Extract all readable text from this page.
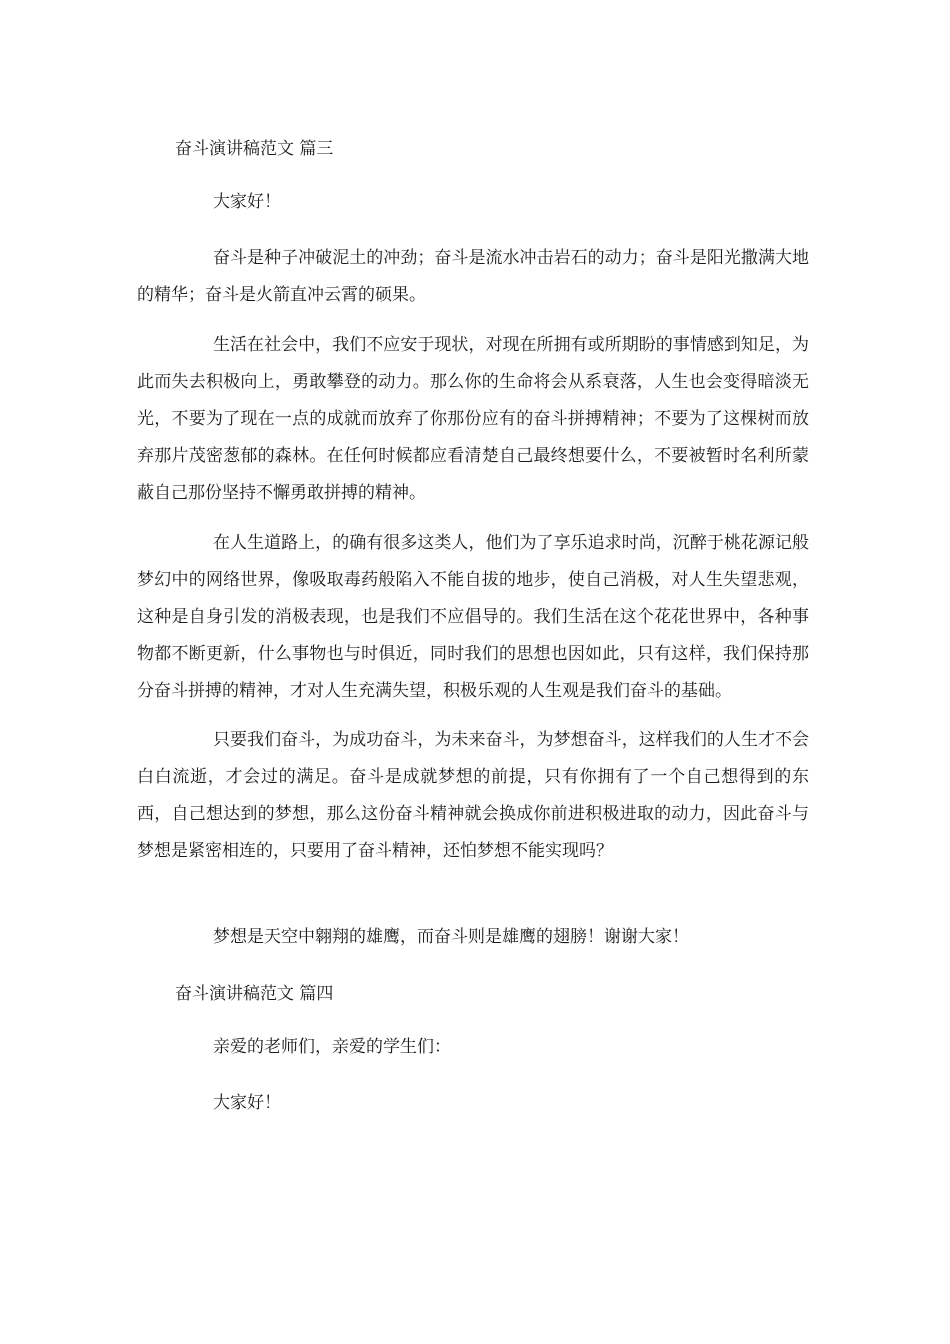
奋斗演讲稿范文 篇三

大家好！

奋斗是种子冲破泥土的冲劲；奋斗是流水冲击岩石的动力；奋斗是阳光撒满大地的精华；奋斗是火箭直冲云霄的硕果。

生活在社会中，我们不应安于现状，对现在所拥有或所期盼的事情感到知足，为此而失去积极向上，勇敢攀登的动力。那么你的生命将会从系衰落，人生也会变得暗淡无光，不要为了现在一点的成就而放弃了你那份应有的奋斗拼搏精神；不要为了这棵树而放弃那片茂密葱郁的森林。在任何时候都应看清楚自己最终想要什么，不要被暂时名利所蒙蔽自己那份坚持不懈勇敢拼搏的精神。

在人生道路上，的确有很多这类人，他们为了享乐追求时尚，沉醉于桃花源记般梦幻中的网络世界，像吸取毒药般陷入不能自拔的地步，使自己消极，对人生失望悲观，这种是自身引发的消极表现，也是我们不应倡导的。我们生活在这个花花世界中，各种事物都不断更新，什么事物也与时俱近，同时我们的思想也因如此，只有这样，我们保持那分奋斗拼搏的精神，才对人生充满失望，积极乐观的人生观是我们奋斗的基础。

只要我们奋斗，为成功奋斗，为未来奋斗，为梦想奋斗，这样我们的人生才不会白白流逝，才会过的满足。奋斗是成就梦想的前提，只有你拥有了一个自己想得到的东西，自己想达到的梦想，那么这份奋斗精神就会换成你前进积极进取的动力，因此奋斗与梦想是紧密相连的，只要用了奋斗精神，还怕梦想不能实现吗？

梦想是天空中翱翔的雄鹰，而奋斗则是雄鹰的翅膀！谢谢大家！

奋斗演讲稿范文 篇四

亲爱的老师们，亲爱的学生们：

大家好！
